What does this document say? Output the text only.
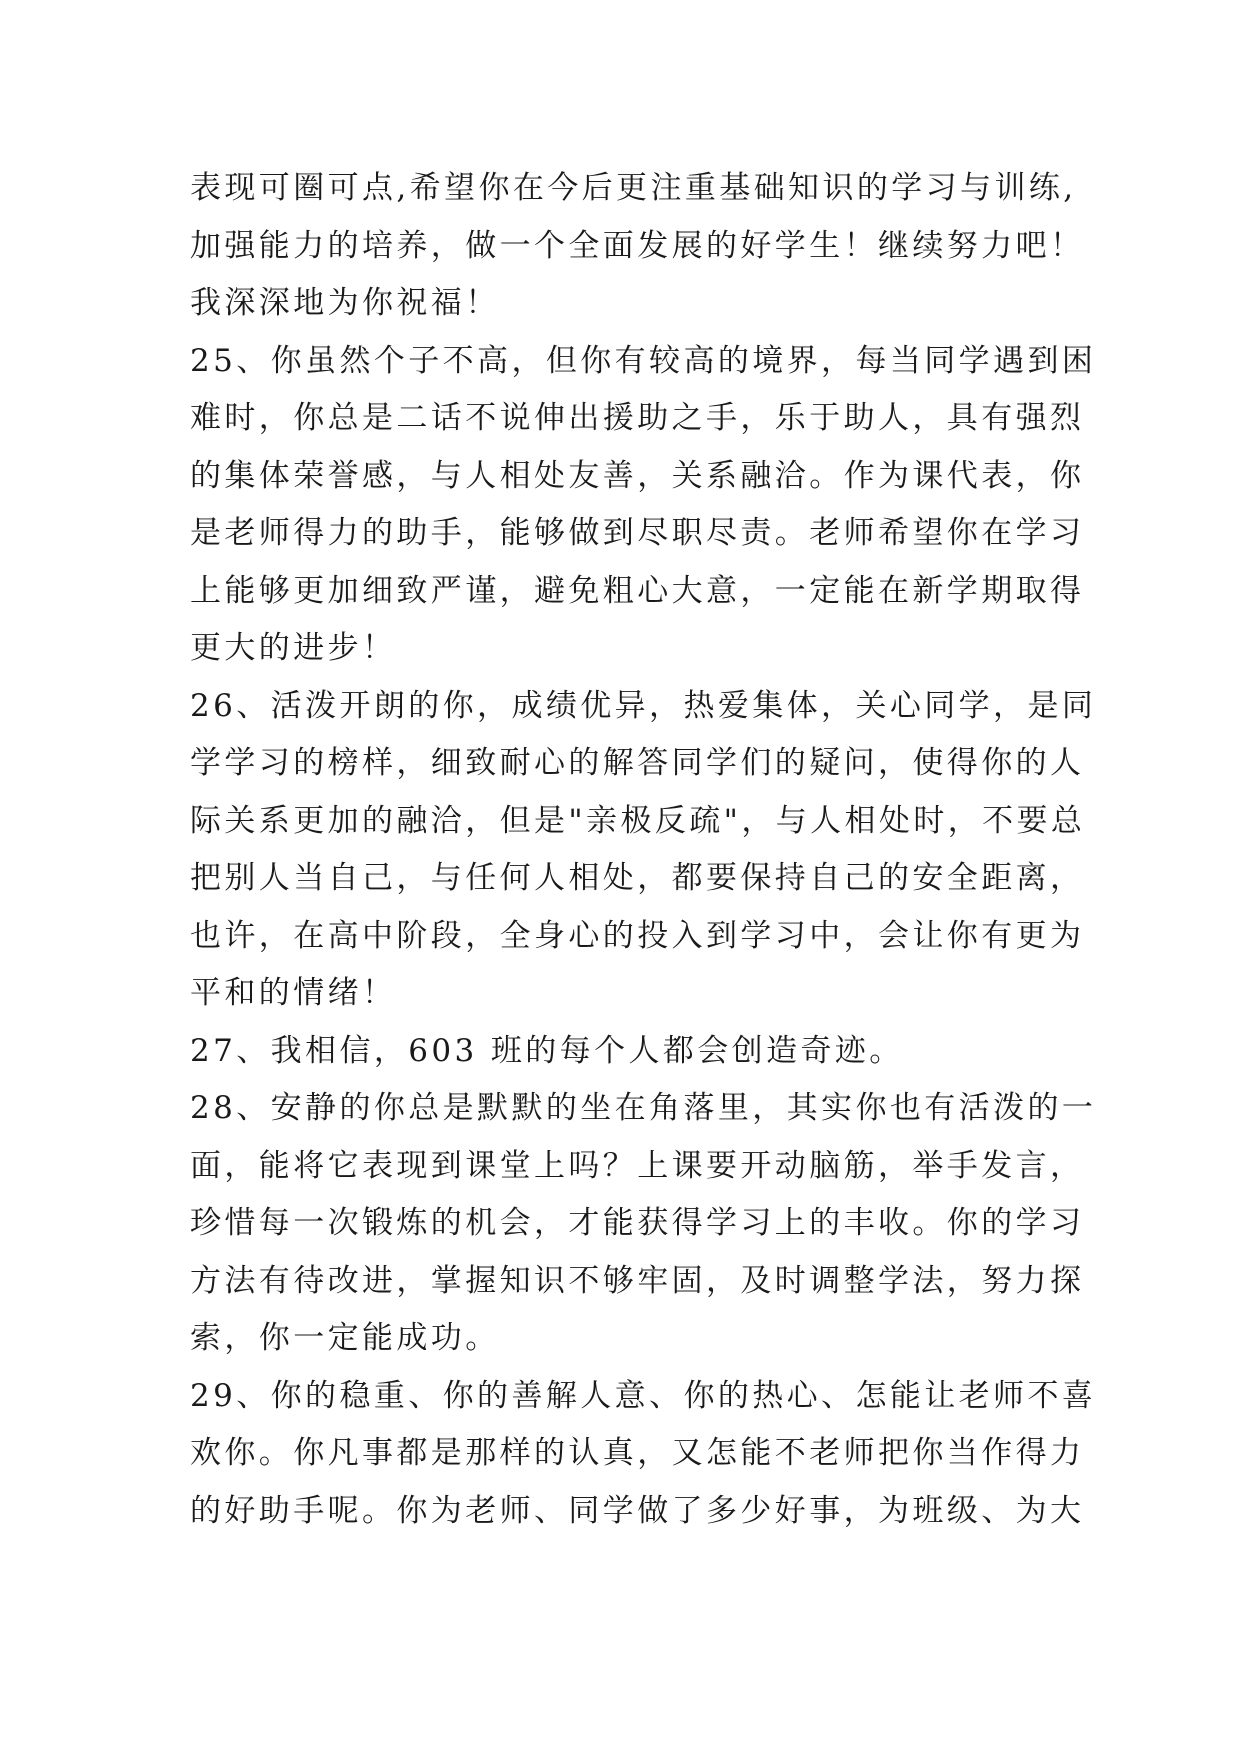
表现可圈可点,希望你在今后更注重基础知识的学习与训练,
加强能力的培养，做一个全面发展的好学生！继续努力吧！
我深深地为你祝福！
25、你虽然个子不高，但你有较高的境界，每当同学遇到困
难时，你总是二话不说伸出援助之手，乐于助人，具有强烈
的集体荣誉感，与人相处友善，关系融洽。作为课代表，你
是老师得力的助手，能够做到尽职尽责。老师希望你在学习
上能够更加细致严谨，避免粗心大意，一定能在新学期取得
更大的进步！
26、活泼开朗的你，成绩优异，热爱集体，关心同学，是同
学学习的榜样，细致耐心的解答同学们的疑问，使得你的人
际关系更加的融洽，但是"亲极反疏"，与人相处时，不要总
把别人当自己，与任何人相处，都要保持自己的安全距离，
也许，在高中阶段，全身心的投入到学习中，会让你有更为
平和的情绪！
27、我相信，603 班的每个人都会创造奇迹。
28、安静的你总是默默的坐在角落里，其实你也有活泼的一
面，能将它表现到课堂上吗？上课要开动脑筋，举手发言，
珍惜每一次锻炼的机会，才能获得学习上的丰收。你的学习
方法有待改进，掌握知识不够牢固，及时调整学法，努力探
索，你一定能成功。
29、你的稳重、你的善解人意、你的热心、怎能让老师不喜
欢你。你凡事都是那样的认真，又怎能不老师把你当作得力
的好助手呢。你为老师、同学做了多少好事，为班级、为大
